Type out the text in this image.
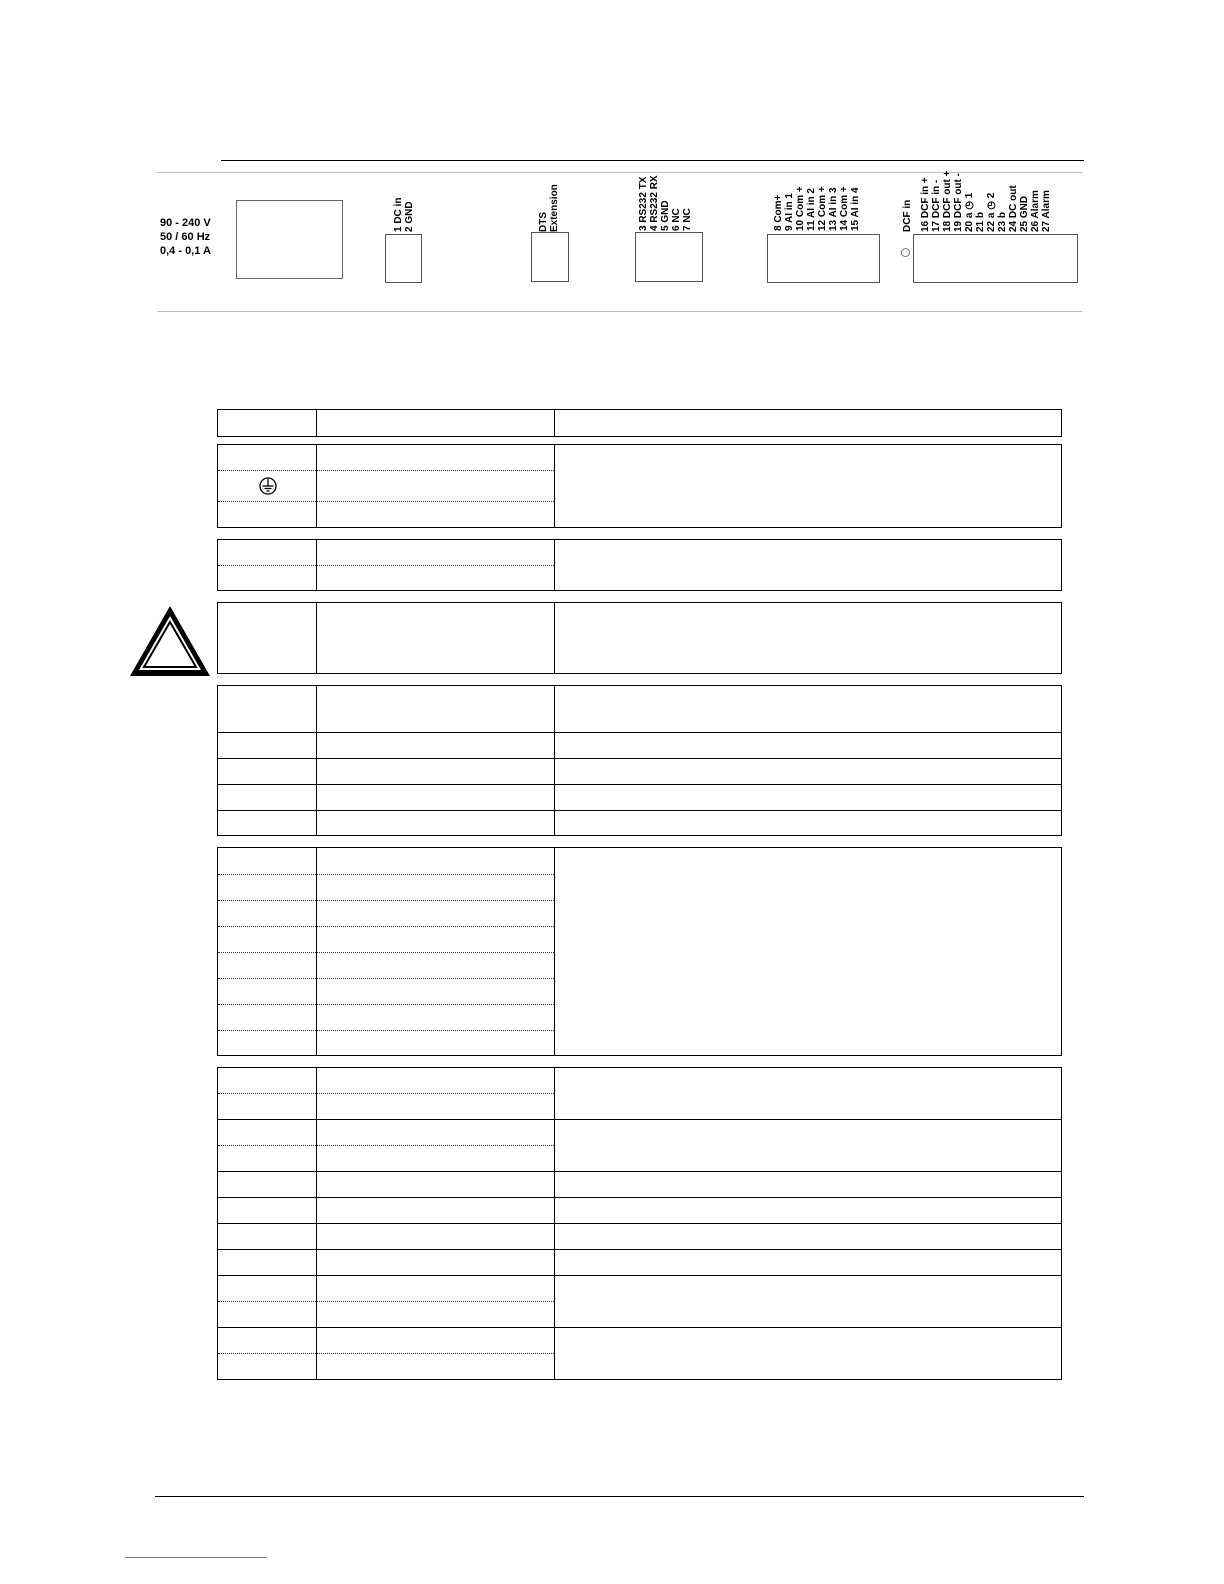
90 - 240 V
50 / 60 Hz
0,4 - 0,1 A
1 DC in 2 GND	DTS Extension	3 RS232 TX 4 RS232 RX 5 GND 6 NC 7 NC	8 Com+ 9 AI in 1 10 Com + 11 AI in 2 12 Com + 13 AI in 3 14 Com + 15 AI in 4	DCF in 16 DCF in + 17 DCF in - 18 DCF out + 19 DCF out - 20 a ◷ 1
21 b 22 a ◷ 2
23 b 24 DC out 25 GND 26 Alarm 27 Alarm
